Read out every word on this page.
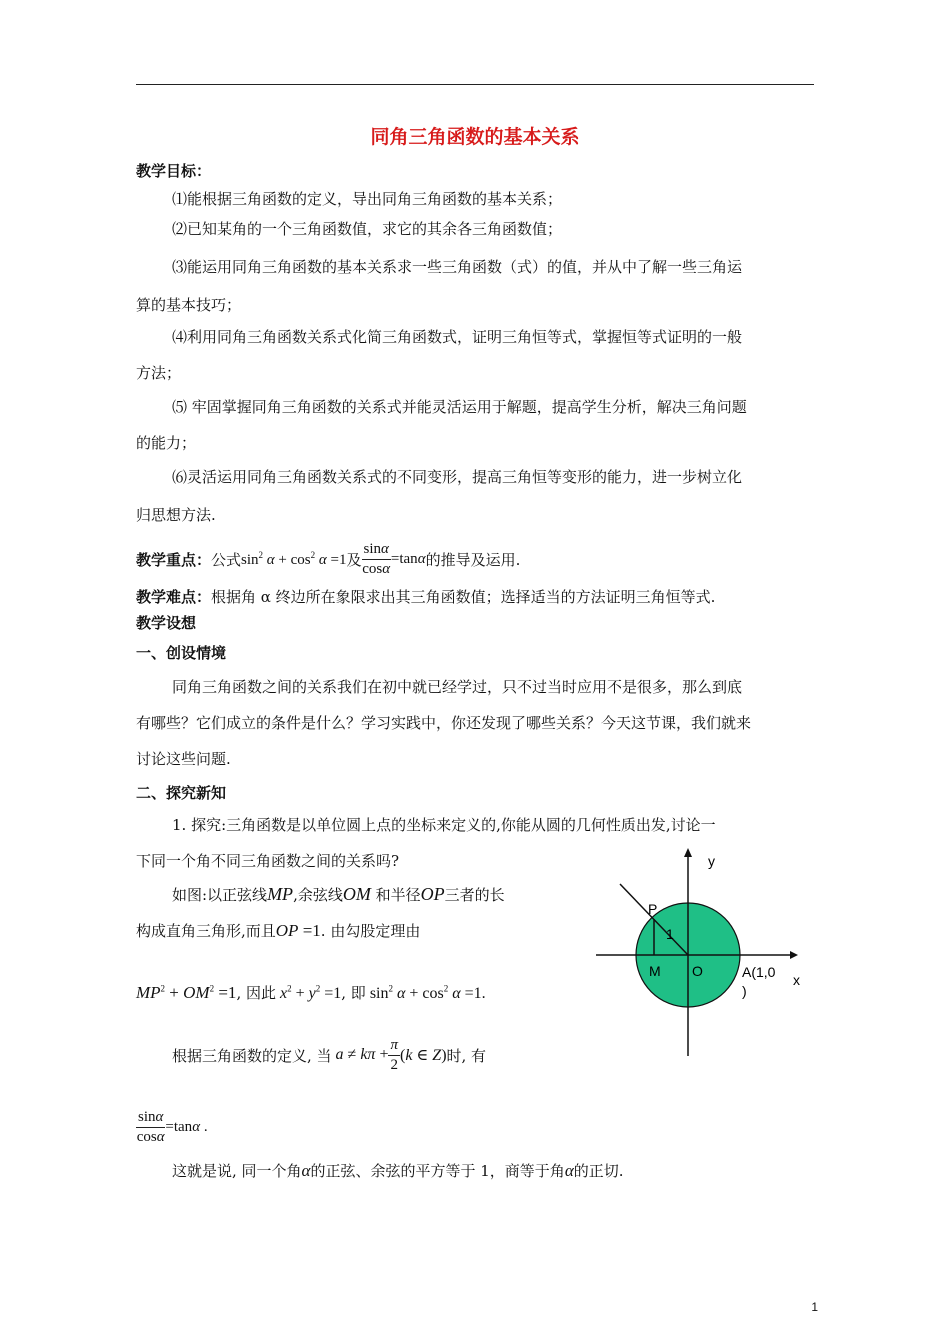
同角三角函数的基本关系
教学目标：
⑴能根据三角函数的定义，导出同角三角函数的基本关系；
⑵已知某角的一个三角函数值，求它的其余各三角函数值；
⑶能运用同角三角函数的基本关系求一些三角函数（式）的值，并从中了解一些三角运
算的基本技巧；
⑷利用同角三角函数关系式化简三角函数式，证明三角恒等式，掌握恒等式证明的一般
方法；
⑸ 牢固掌握同角三角函数的关系式并能灵活运用于解题，提高学生分析，解决三角问题
的能力；
⑹灵活运用同角三角函数关系式的不同变形，提高三角恒等变形的能力，进一步树立化
归思想方法.
教学重点： 公式 $\sin^2 \alpha + \cos^2 \alpha =1$ 及 $\frac{\sin\alpha}{\cos\alpha} =\tan\alpha$ 的推导及运用.
教学难点：根据角 α 终边所在象限求出其三角函数值；选择适当的方法证明三角恒等式.
教学设想
一、创设情境
同角三角函数之间的关系我们在初中就已经学过，只不过当时应用不是很多，那么到底
有哪些？它们成立的条件是什么？学习实践中，你还发现了哪些关系？今天这节课，我们就来
讨论这些问题.
二、探究新知
1. 探究:三角函数是以单位圆上点的坐标来定义的,你能从圆的几何性质出发,讨论一
下同一个角不同三角函数之间的关系吗?
如图:以正弦线MP,余弦线OM 和半径OP三者的长
构成直角三角形,而且OP =1. 由勾股定理由
$MP^2 + OM^2 =1$, 因此 $x^2 + y^2 =1$, 即 $\sin^2 \alpha + \cos^2 \alpha =1$.
根据三角函数的定义, 当 $a \ne k\pi + \frac{\pi}{2} (k$ ∈ Z) 时, 有
$\frac{\sin\alpha}{\cos\alpha} =\tan\alpha$ .
这就是说, 同一个角α的正弦、余弦的平方等于 1，商等于角α的正切.
y
x
P
1
M O	A(1,0
)
1
